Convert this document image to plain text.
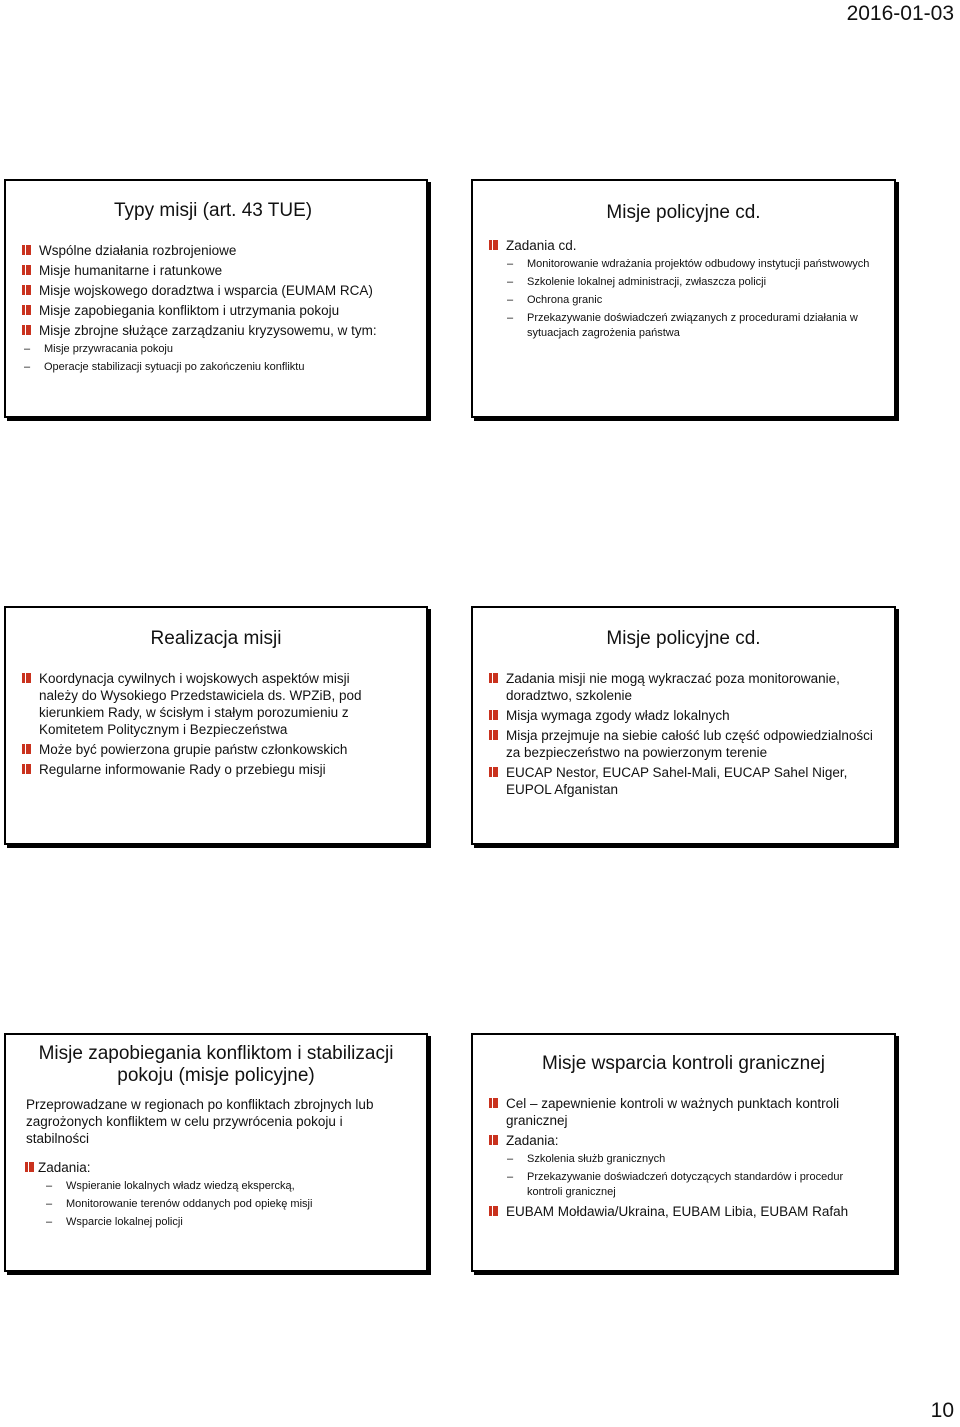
2016-01-03
Typy misji (art. 43 TUE)
Wspólne działania rozbrojeniowe
Misje humanitarne i ratunkowe
Misje wojskowego doradztwa i wsparcia (EUMAM RCA)
Misje zapobiegania konfliktom i utrzymania pokoju
Misje zbrojne służące zarządzaniu kryzysowemu, w tym:
–	Misje przywracania pokoju
–	Operacje stabilizacji sytuacji po zakończeniu konfliktu
Misje policyjne cd.
Zadania cd.
–	Monitorowanie wdrażania projektów odbudowy instytucji państwowych
–	Szkolenie lokalnej administracji, zwłaszcza policji
–	Ochrona granic
–	Przekazywanie doświadczeń związanych z procedurami działania w sytuacjach zagrożenia państwa
Realizacja misji
Koordynacja cywilnych i wojskowych aspektów misji należy do Wysokiego Przedstawiciela ds. WPZiB, pod kierunkiem Rady, w ścisłym i stałym porozumieniu z Komitetem Politycznym i Bezpieczeństwa
Może być powierzona grupie państw członkowskich
Regularne informowanie Rady o przebiegu misji
Misje policyjne cd.
Zadania misji nie mogą wykraczać poza monitorowanie, doradztwo, szkolenie
Misja wymaga zgody władz lokalnych
Misja przejmuje na siebie całość lub część odpowiedzialności za bezpieczeństwo na powierzonym terenie
EUCAP Nestor, EUCAP Sahel-Mali, EUCAP Sahel Niger, EUPOL Afganistan
Misje zapobiegania konfliktom i stabilizacji pokoju (misje policyjne)
Przeprowadzane w regionach po konfliktach zbrojnych lub zagrożonych konfliktem w celu przywrócenia pokoju i stabilności
Zadania:
–	Wspieranie lokalnych władz wiedzą ekspercką,
–	Monitorowanie terenów oddanych pod opiekę misji
–	Wsparcie lokalnej policji
Misje wsparcia kontroli granicznej
Cel – zapewnienie kontroli w ważnych punktach kontroli granicznej
Zadania:
–	Szkolenia służb granicznych
–	Przekazywanie doświadczeń dotyczących standardów i procedur kontroli granicznej
EUBAM Mołdawia/Ukraina, EUBAM Libia, EUBAM Rafah
10
